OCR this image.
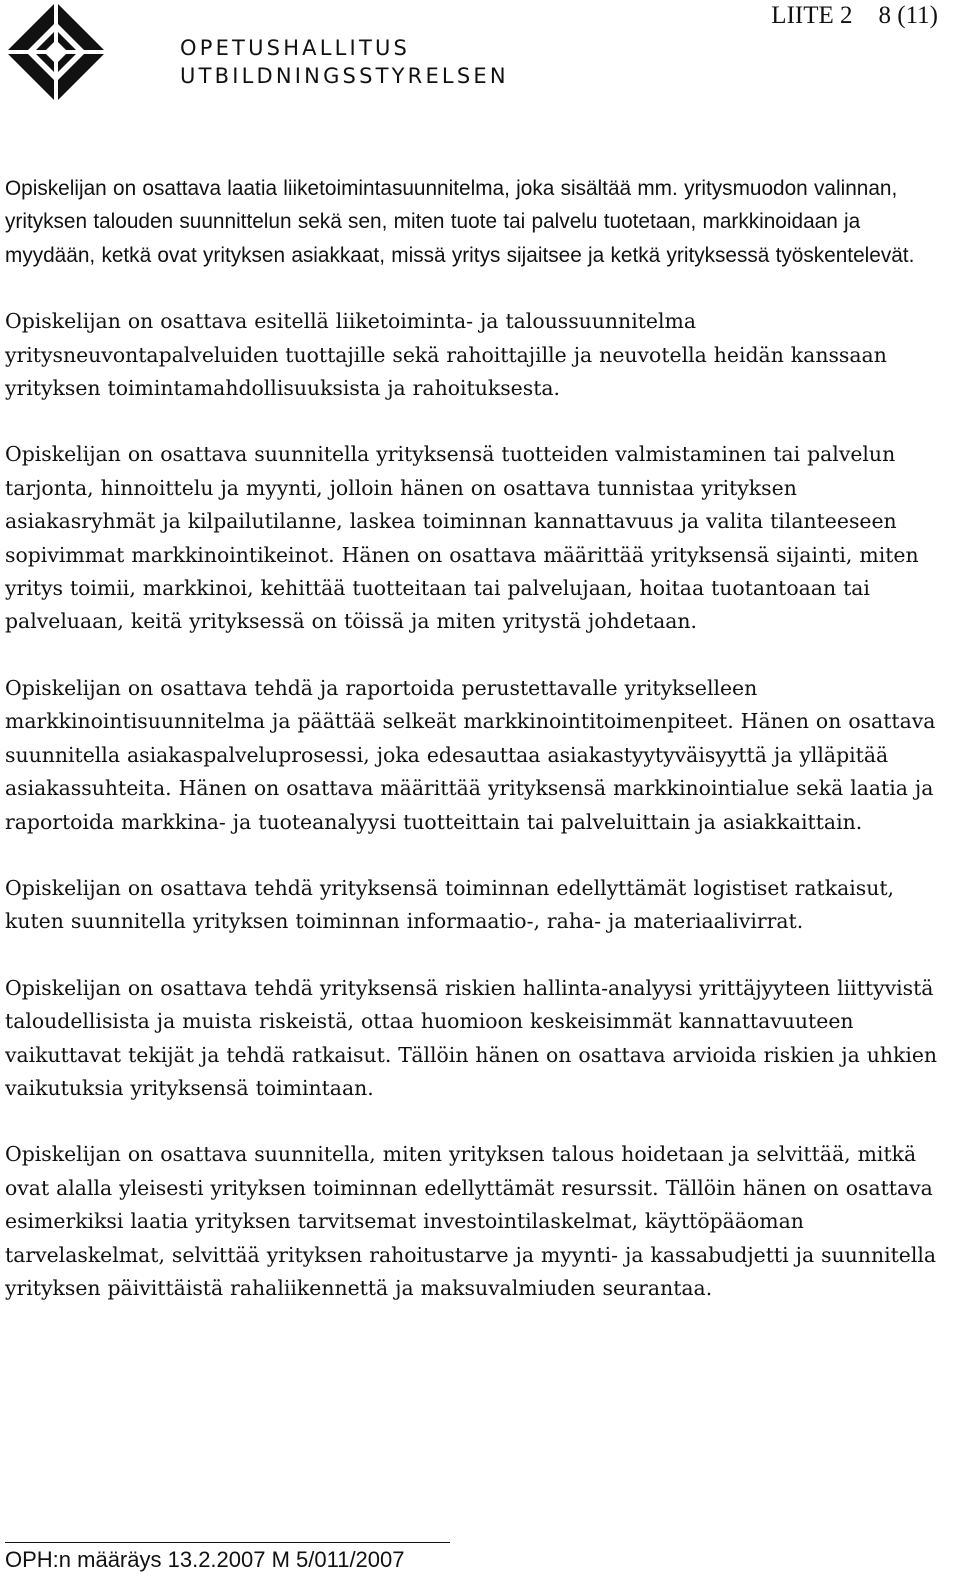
OPETUSHALLITUS
UTBILDNINGSSTYRELSEN
LIITE 2 8 (11)

Opiskelijan on osattava laatia liiketoimintasuunnitelma, joka sisältää mm. yritysmuodon valinnan, yrityksen talouden suunnittelun sekä sen, miten tuote tai palvelu tuotetaan, markkinoidaan ja myydään, ketkä ovat yrityksen asiakkaat, missä yritys sijaitsee ja ketkä yrityksessä työskentelevät.

Opiskelijan on osattava esitellä liiketoiminta- ja taloussuunnitelma yritysneuvontapalveluiden tuottajille sekä rahoittajille ja neuvotella heidän kanssaan yrityksen toimintamahdollisuuksista ja rahoituksesta.

Opiskelijan on osattava suunnitella yrityksensä tuotteiden valmistaminen tai palvelun tarjonta, hinnoittelu ja myynti, jolloin hänen on osattava tunnistaa yrityksen asiakasryhmät ja kilpailutilanne, laskea toiminnan kannattavuus ja valita tilanteeseen sopivimmat markkinointikeinot. Hänen on osattava määrittää yrityksensä sijainti, miten yritys toimii, markkinoi, kehittää tuotteitaan tai palvelujaan, hoitaa tuotantoaan tai palveluaan, keitä yrityksessä on töissä ja miten yritystä johdetaan.

Opiskelijan on osattava tehdä ja raportoida perustettavalle yritykselleen markkinointisuunnitelma ja päättää selkeät markkinointitoimenpiteet. Hänen on osattava suunnitella asiakaspalveluprosessi, joka edesauttaa asiakastyytyväisyyttä ja ylläpitää asiakassuhteita. Hänen on osattava määrittää yrityksensä markkinointialue sekä laatia ja raportoida markkina- ja tuoteanalyysi tuotteittain tai palveluittain ja asiakkaittain.

Opiskelijan on osattava tehdä yrityksensä toiminnan edellyttämät logistiset ratkaisut, kuten suunnitella yrityksen toiminnan informaatio-, raha- ja materiaalivirrat.

Opiskelijan on osattava tehdä yrityksensä riskien hallinta-analyysi yrittäjyyteen liittyvistä taloudellisista ja muista riskeistä, ottaa huomioon keskeisimmät kannattavuuteen vaikuttavat tekijät ja tehdä ratkaisut. Tällöin hänen on osattava arvioida riskien ja uhkien vaikutuksia yrityksensä toimintaan.

Opiskelijan on osattava suunnitella, miten yrityksen talous hoidetaan ja selvittää, mitkä ovat alalla yleisesti yrityksen toiminnan edellyttämät resurssit. Tällöin hänen on osattava esimerkiksi laatia yrityksen tarvitsemat investointilaskelmat, käyttöpääoman tarvelaskelmat, selvittää yrityksen rahoitustarve ja myynti- ja kassabudjetti ja suunnitella yrityksen päivittäistä rahaliikennettä ja maksuvalmiuden seurantaa.

OPH:n määräys 13.2.2007 M 5/011/2007
